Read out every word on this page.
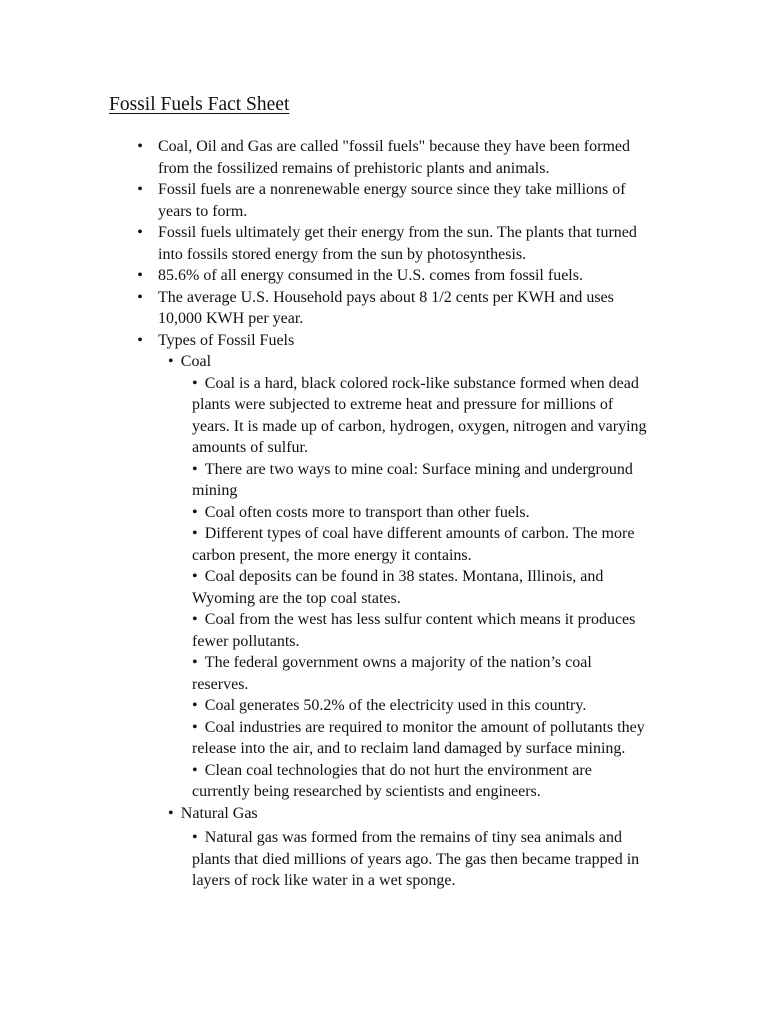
Fossil Fuels Fact Sheet
• Coal, Oil and Gas are called "fossil fuels" because they have been formed from the fossilized remains of prehistoric plants and animals.
• Fossil fuels are a nonrenewable energy source since they take millions of years to form.
• Fossil fuels ultimately get their energy from the sun. The plants that turned into fossils stored energy from the sun by photosynthesis.
• 85.6% of all energy consumed in the U.S. comes from fossil fuels.
• The average U.S. Household pays about 8 1/2 cents per KWH and uses 10,000 KWH per year.
• Types of Fossil Fuels
• Coal
• Coal is a hard, black colored rock-like substance formed when dead plants were subjected to extreme heat and pressure for millions of years. It is made up of carbon, hydrogen, oxygen, nitrogen and varying amounts of sulfur.
• There are two ways to mine coal: Surface mining and underground mining
• Coal often costs more to transport than other fuels.
• Different types of coal have different amounts of carbon. The more carbon present, the more energy it contains.
• Coal deposits can be found in 38 states. Montana, Illinois, and Wyoming are the top coal states.
• Coal from the west has less sulfur content which means it produces fewer pollutants.
• The federal government owns a majority of the nation’s coal reserves.
• Coal generates 50.2% of the electricity used in this country.
• Coal industries are required to monitor the amount of pollutants they release into the air, and to reclaim land damaged by surface mining.
• Clean coal technologies that do not hurt the environment are currently being researched by scientists and engineers.
• Natural Gas
• Natural gas was formed from the remains of tiny sea animals and plants that died millions of years ago. The gas then became trapped in layers of rock like water in a wet sponge.
